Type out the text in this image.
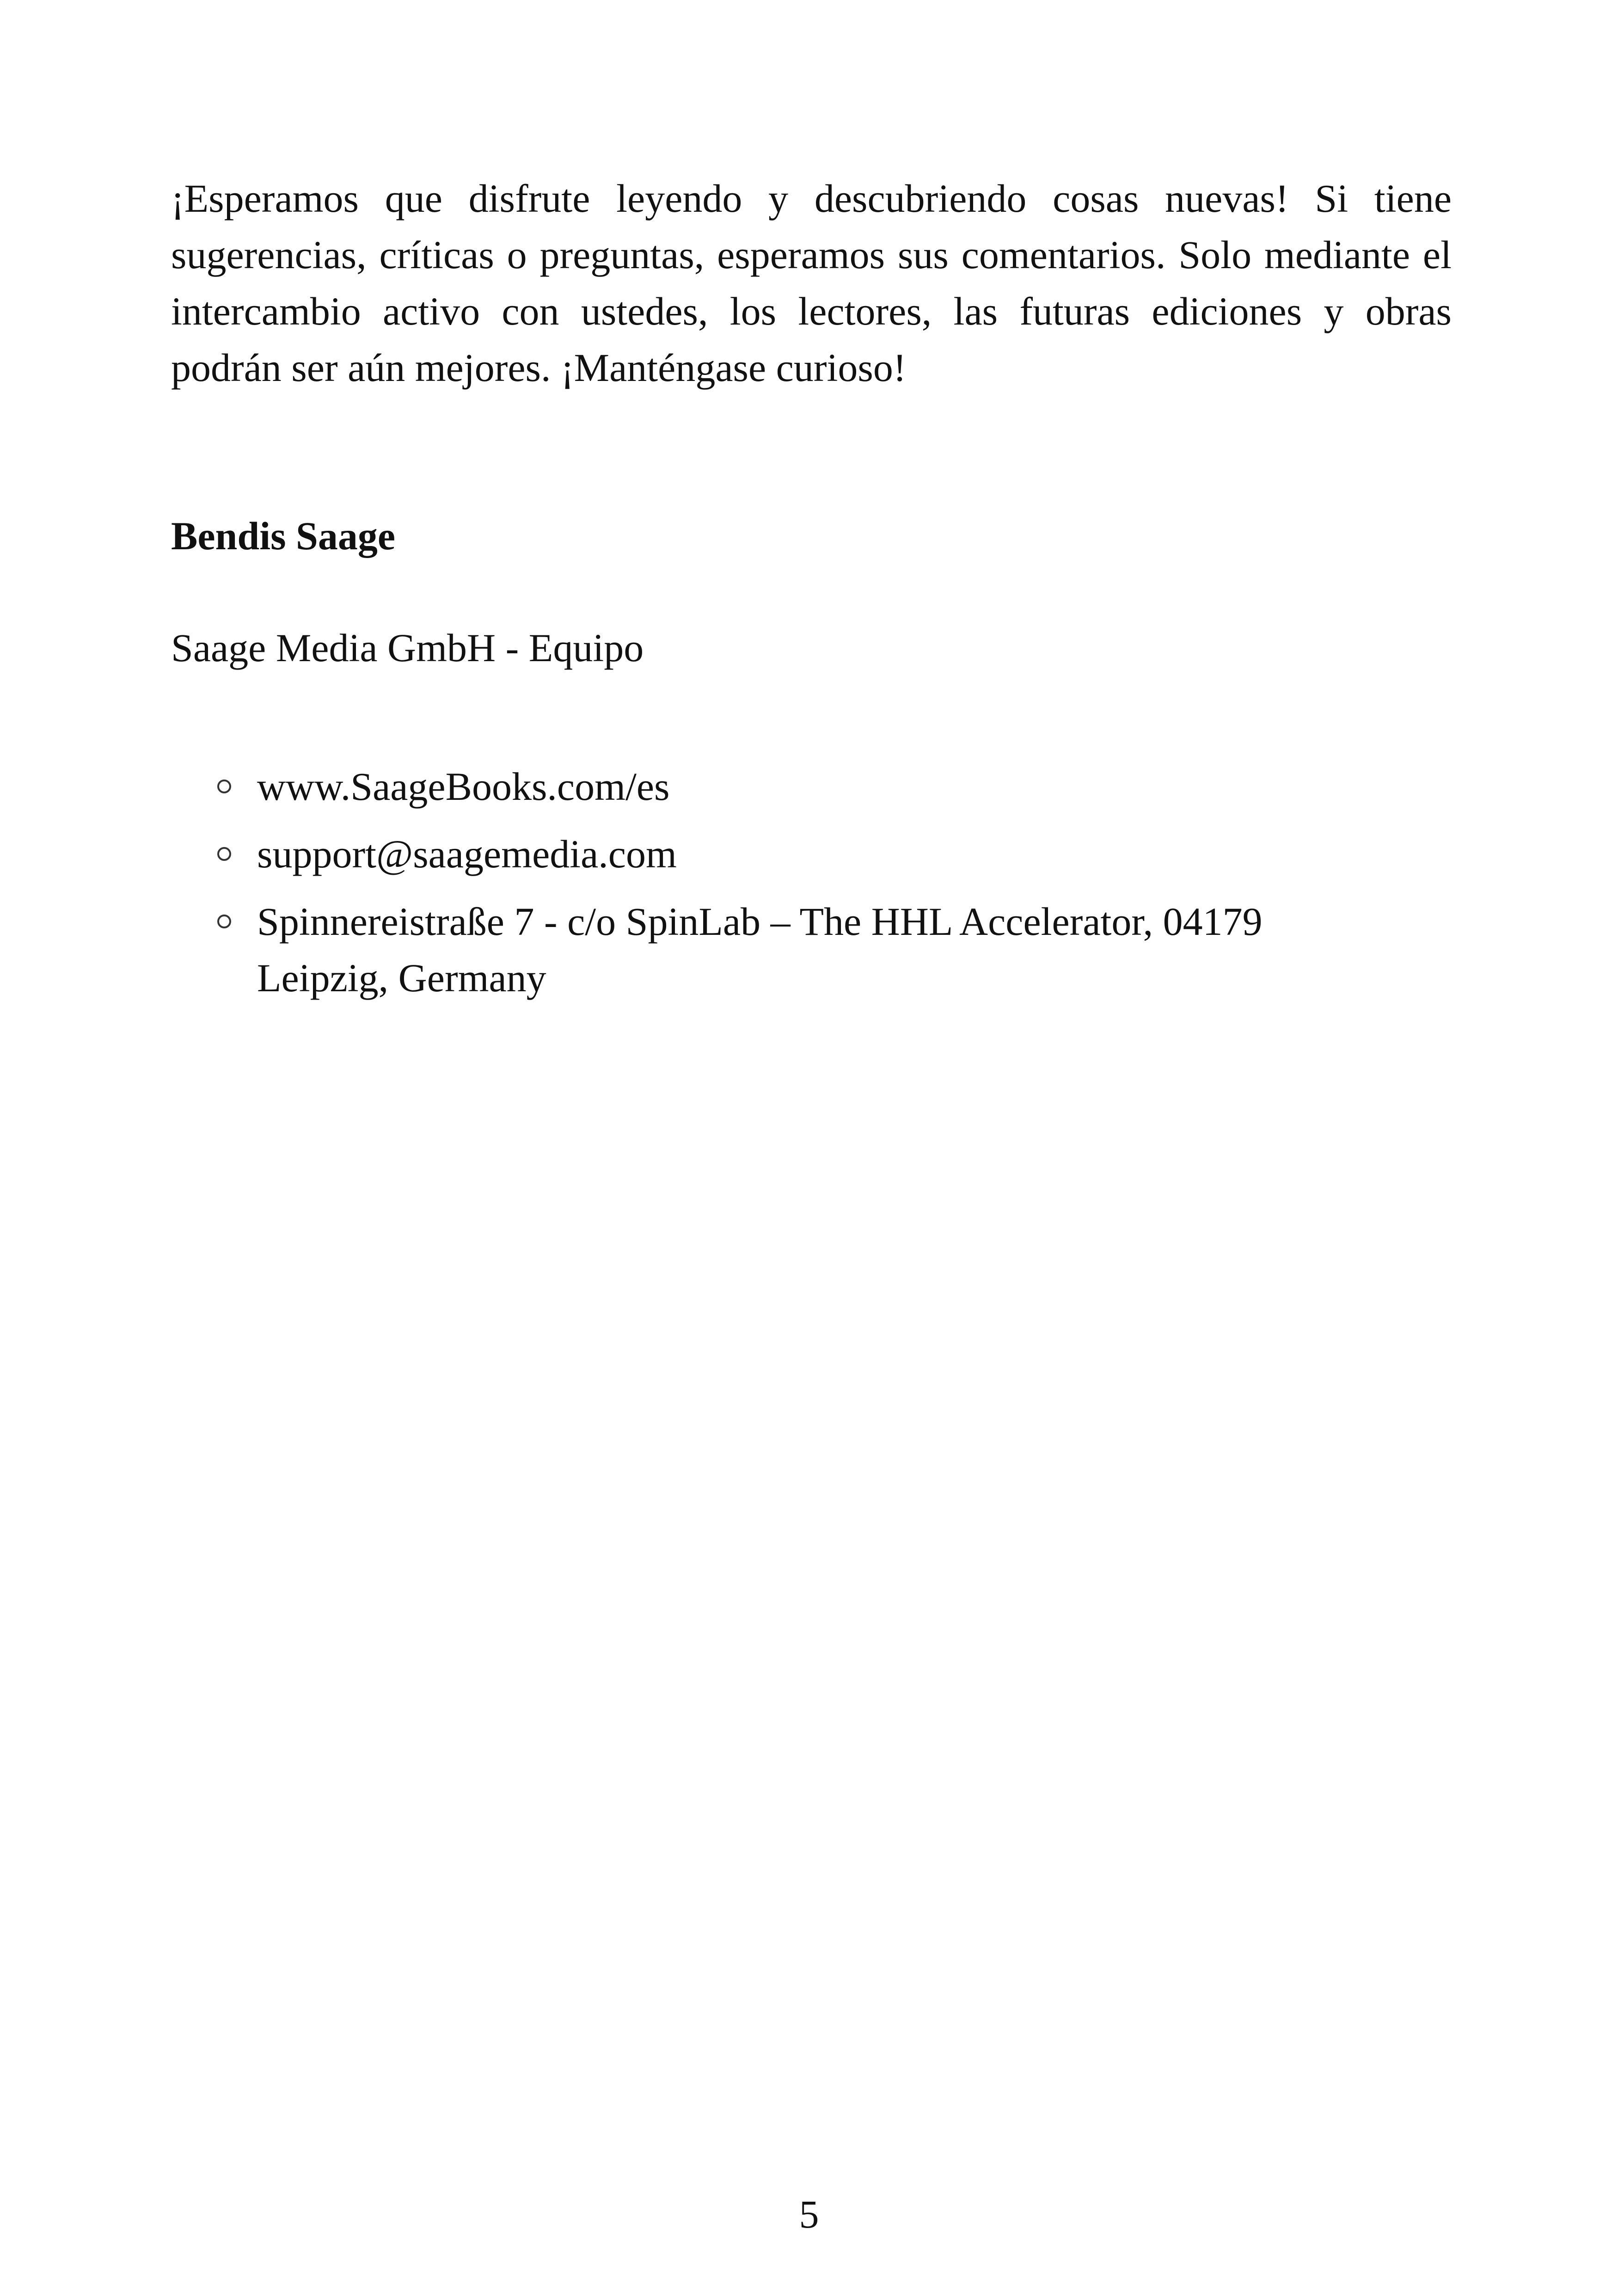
¡Esperamos que disfrute leyendo y descubriendo cosas nuevas! Si tiene sugerencias, críticas o preguntas, esperamos sus comentarios. Solo mediante el intercambio activo con ustedes, los lectores, las futuras ediciones y obras podrán ser aún mejores. ¡Manténgase curioso!

Bendis Saage

Saage Media GmbH - Equipo

www.SaageBooks.com/es
support@saagemedia.com
Spinnereistraße 7 - c/o SpinLab – The HHL Accelerator, 04179
Leipzig, Germany

5
